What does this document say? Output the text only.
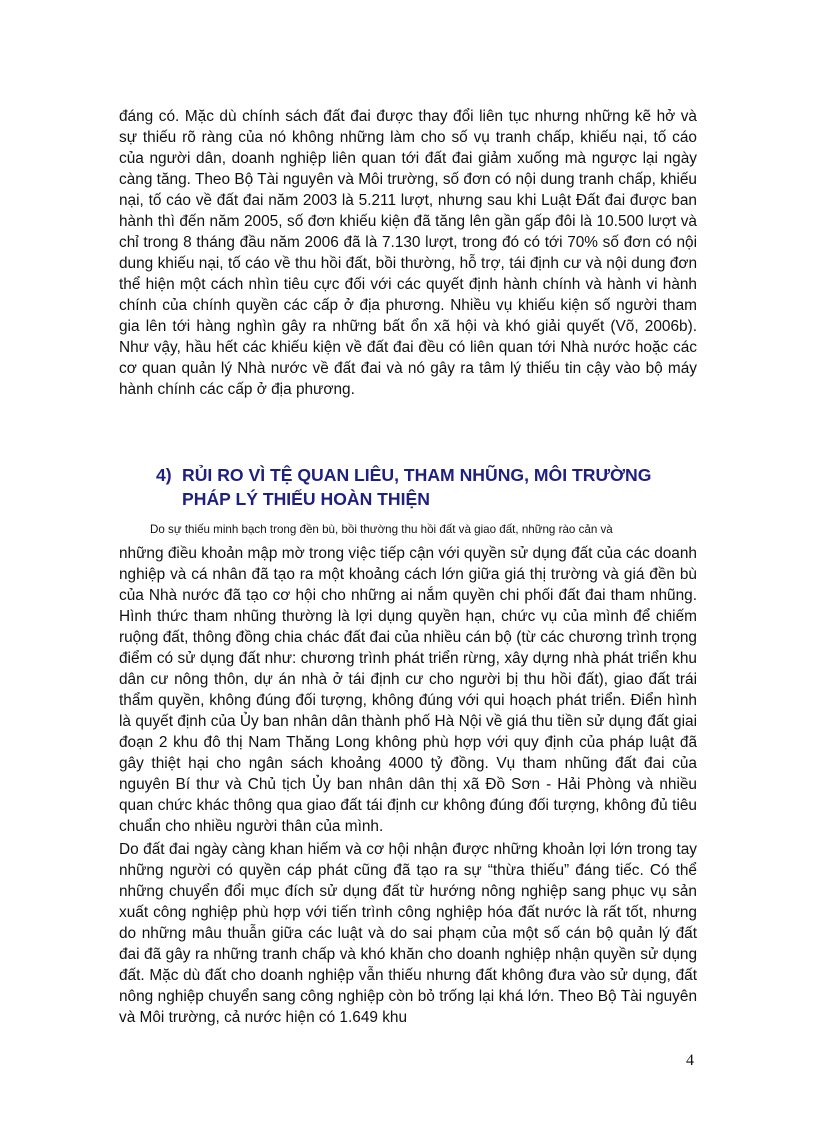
đáng có. Mặc dù chính sách đất đai được thay đổi liên tục nhưng những kẽ hở và sự thiếu rõ ràng của nó không những làm cho số vụ tranh chấp, khiếu nại, tố cáo của người dân, doanh nghiệp liên quan tới đất đai giảm xuống mà ngược lại ngày càng tăng. Theo Bộ Tài nguyên và Môi trường, số đơn có nội dung tranh chấp, khiếu nại, tố cáo về đất đai năm 2003 là 5.211 lượt, nhưng sau khi Luật Đất đai được ban hành thì đến năm 2005, số đơn khiếu kiện đã tăng lên gần gấp đôi là 10.500 lượt và chỉ trong 8 tháng đầu năm 2006 đã là 7.130 lượt, trong đó có tới 70% số đơn có nội dung khiếu nại, tố cáo về thu hồi đất, bồi thường, hỗ trợ, tái định cư và nội dung đơn thể hiện một cách nhìn tiêu cực đối với các quyết định hành chính và hành vi hành chính của chính quyền các cấp ở địa phương. Nhiều vụ khiếu kiện số người tham gia lên tới hàng nghìn gây ra những bất ổn xã hội và khó giải quyết (Võ, 2006b). Như vậy, hầu hết các khiếu kiện về đất đai đều có liên quan tới Nhà nước hoặc các cơ quan quản lý Nhà nước về đất đai và nó gây ra tâm lý thiếu tin cậy vào bộ máy hành chính các cấp ở địa phương.

4) RỦI RO VÌ TỆ QUAN LIÊU, THAM NHŨNG, MÔI TRƯỜNG
PHÁP LÝ THIẾU HOÀN THIỆN

Do sự thiếu minh bạch trong đền bù, bồi thường thu hồi đất và giao đất, những rào cản và

những điều khoản mập mờ trong việc tiếp cận với quyền sử dụng đất của các doanh nghiệp và cá nhân đã tạo ra một khoảng cách lớn giữa giá thị trường và giá đền bù của Nhà nước đã tạo cơ hội cho những ai nắm quyền chi phối đất đai tham nhũng. Hình thức tham nhũng thường là lợi dụng quyền hạn, chức vụ của mình để chiếm ruộng đất, thông đồng chia chác đất đai của nhiều cán bộ (từ các chương trình trọng điểm có sử dụng đất như: chương trình phát triển rừng, xây dựng nhà phát triển khu dân cư nông thôn, dự án nhà ở tái định cư cho người bị thu hồi đất), giao đất trái thẩm quyền, không đúng đối tượng, không đúng với qui hoạch phát triển. Điển hình là quyết định của Ủy ban nhân dân thành phố Hà Nội về giá thu tiền sử dụng đất giai đoạn 2 khu đô thị Nam Thăng Long không phù hợp với quy định của pháp luật đã gây thiệt hại cho ngân sách khoảng 4000 tỷ đồng. Vụ tham nhũng đất đai của nguyên Bí thư và Chủ tịch Ủy ban nhân dân thị xã Đồ Sơn - Hải Phòng và nhiều quan chức khác thông qua giao đất tái định cư không đúng đối tượng, không đủ tiêu chuẩn cho nhiều người thân của mình.

Do đất đai ngày càng khan hiếm và cơ hội nhận được những khoản lợi lớn trong tay những người có quyền cáp phát cũng đã tạo ra sự “thừa thiếu” đáng tiếc. Có thể những chuyển đổi mục đích sử dụng đất từ hướng nông nghiệp sang phục vụ sản xuất công nghiệp phù hợp với tiến trình công nghiệp hóa đất nước là rất tốt, nhưng do những mâu thuẫn giữa các luật và do sai phạm của một số cán bộ quản lý đất đai đã gây ra những tranh chấp và khó khăn cho doanh nghiệp nhận quyền sử dụng đất. Mặc dù đất cho doanh nghiệp vẫn thiếu nhưng đất không đưa vào sử dụng, đất nông nghiệp chuyển sang công nghiệp còn bỏ trống lại khá lớn. Theo Bộ Tài nguyên và Môi trường, cả nước hiện có 1.649 khu

4
